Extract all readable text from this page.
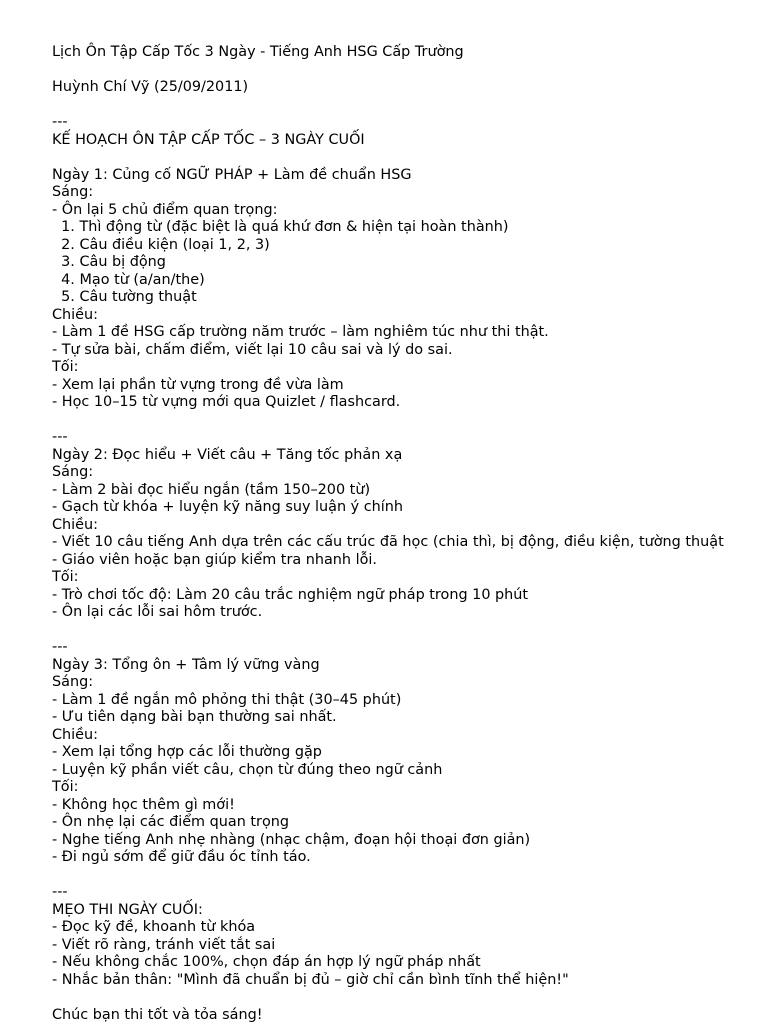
Lịch Ôn Tập Cấp Tốc 3 Ngày - Tiếng Anh HSG Cấp Trường
Huỳnh Chí Vỹ (25/09/2011)
---
KẾ HOẠCH ÔN TẬP CẤP TỐC – 3 NGÀY CUỐI
Ngày 1: Củng cố NGỮ PHÁP + Làm đề chuẩn HSG
Sáng:
- Ôn lại 5 chủ điểm quan trọng:
1. Thì động từ (đặc biệt là quá khứ đơn & hiện tại hoàn thành)
2. Câu điều kiện (loại 1, 2, 3)
3. Câu bị động
4. Mạo từ (a/an/the)
5. Câu tường thuật
Chiều:
- Làm 1 đề HSG cấp trường năm trước – làm nghiêm túc như thi thật.
- Tự sửa bài, chấm điểm, viết lại 10 câu sai và lý do sai.
Tối:
- Xem lại phần từ vựng trong đề vừa làm
- Học 10–15 từ vựng mới qua Quizlet / flashcard.
---
Ngày 2: Đọc hiểu + Viết câu + Tăng tốc phản xạ
Sáng:
- Làm 2 bài đọc hiểu ngắn (tầm 150–200 từ)
- Gạch từ khóa + luyện kỹ năng suy luận ý chính
Chiều:
- Viết 10 câu tiếng Anh dựa trên các cấu trúc đã học (chia thì, bị động, điều kiện, tường thuật
- Giáo viên hoặc bạn giúp kiểm tra nhanh lỗi.
Tối:
- Trò chơi tốc độ: Làm 20 câu trắc nghiệm ngữ pháp trong 10 phút
- Ôn lại các lỗi sai hôm trước.
---
Ngày 3: Tổng ôn + Tâm lý vững vàng
Sáng:
- Làm 1 đề ngắn mô phỏng thi thật (30–45 phút)
- Ưu tiên dạng bài bạn thường sai nhất.
Chiều:
- Xem lại tổng hợp các lỗi thường gặp
- Luyện kỹ phần viết câu, chọn từ đúng theo ngữ cảnh
Tối:
- Không học thêm gì mới!
- Ôn nhẹ lại các điểm quan trọng
- Nghe tiếng Anh nhẹ nhàng (nhạc chậm, đoạn hội thoại đơn giản)
- Đi ngủ sớm để giữ đầu óc tỉnh táo.
---
MẸO THI NGÀY CUỐI:
- Đọc kỹ đề, khoanh từ khóa
- Viết rõ ràng, tránh viết tắt sai
- Nếu không chắc 100%, chọn đáp án hợp lý ngữ pháp nhất
- Nhắc bản thân: "Mình đã chuẩn bị đủ – giờ chỉ cần bình tĩnh thể hiện!"
Chúc bạn thi tốt và tỏa sáng!
